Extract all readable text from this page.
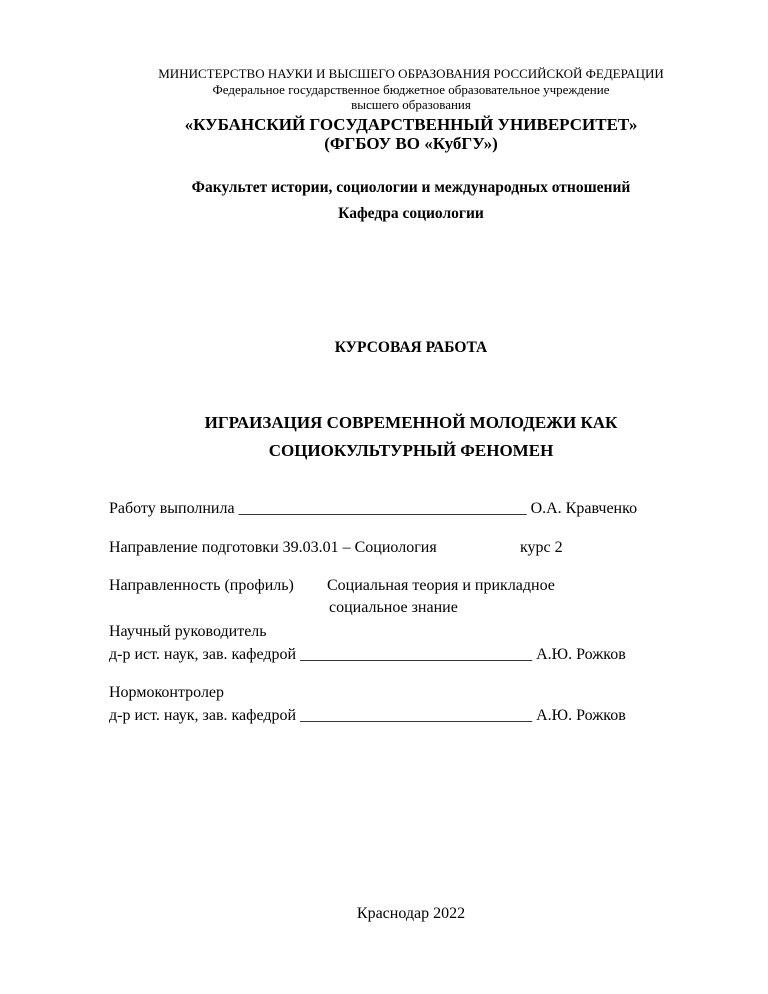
МИНИСТЕРСТВО НАУКИ И ВЫСШЕГО ОБРАЗОВАНИЯ РОССИЙСКОЙ ФЕДЕРАЦИИ
Федеральное государственное бюджетное образовательное учреждение
высшего образования
«КУБАНСКИЙ ГОСУДАРСТВЕННЫЙ УНИВЕРСИТЕТ»
(ФГБОУ ВО «КубГУ»)
Факультет истории, социологии и международных отношений
Кафедра социологии
КУРСОВАЯ РАБОТА
ИГРАИЗАЦИЯ СОВРЕМЕННОЙ МОЛОДЕЖИ КАК
СОЦИОКУЛЬТУРНЫЙ ФЕНОМЕН
Работу выполнила ____________________________________ О.А. Кравченко
Направление подготовки 39.03.01 – Социология	курс 2
Направленность (профиль) Социальная теория и прикладное
социальное знание
Научный руководитель
д-р ист. наук, зав. кафедрой _____________________________ А.Ю. Рожков
Нормоконтролер
д-р ист. наук, зав. кафедрой _____________________________ А.Ю. Рожков
Краснодар 2022
